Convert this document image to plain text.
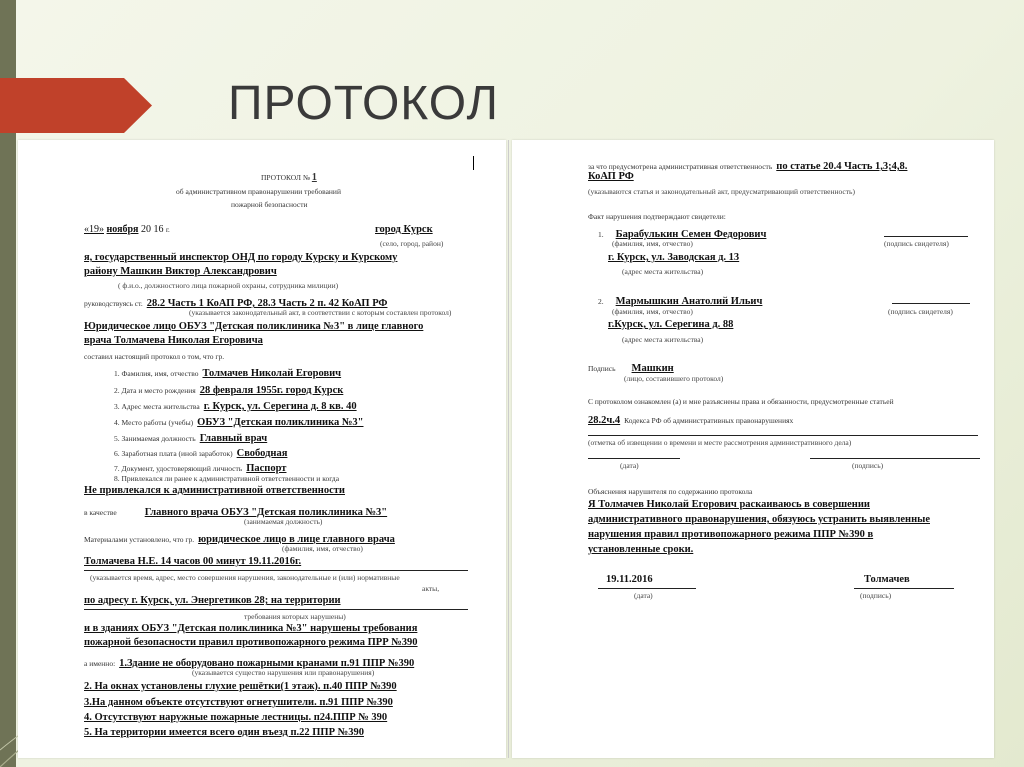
ПРОТОКОЛ
ПРОТОКОЛ № 1
об административном правонарушении требований
пожарной безопасности
«19» ноября 20 16 г.	город Курск
(село, город, район)
я, государственный инспектор ОНД по городу Курску и Курскому
району Машкин Виктор Александрович
( ф.и.о., должностного лица пожарной охраны, сотрудника милиции)
руководствуясь ст. 28.2 Часть 1 КоАП РФ, 28.3 Часть 2 п. 42 КоАП РФ
(указывается законодательный акт, в соответствии с которым составлен протокол)
Юридическое лицо ОБУЗ "Детская поликлиника №3" в лице главного
врача Толмачева Николая Егоровича
составил настоящий протокол о том, что гр.
1. Фамилия, имя, отчество Толмачев Николай Егорович
2. Дата и место рождения 28 февраля 1955г. город Курск
3. Адрес места жительства г. Курск, ул. Серегина д. 8 кв. 40
4. Место работы (учебы) ОБУЗ "Детская поликлиника №3"
5. Занимаемая должность Главный врач
6. Заработная плата (иной заработок) Свободная
7. Документ, удостоверяющий личность Паспорт
8. Привлекался ли ранее к административной ответственности и когда
Не привлекался к административной ответственности
в качестве	Главного врача ОБУЗ "Детская поликлиника №3"
(занимаемая должность)
Материалами установлено, что гр. юридическое лицо в лице главного врача
(фамилия, имя, отчество)
Толмачева Н.Е. 14 часов 00 минут 19.11.2016г.
(указывается время, адрес, место совершения нарушения, законодательные и (или) нормативные
акты,
по адресу г. Курск, ул. Энергетиков 28; на территории
требования которых нарушены)
и в зданиях ОБУЗ "Детская поликлиника №3" нарушены требования
пожарной безопасности правил противопожарного режима ПРР №390
а именно: 1.Здание не оборудовано пожарными кранами п.91 ППР №390
(указывается существо нарушения или правонарушения)
2. На окнах установлены глухие решётки(1 этаж). п.40 ППР №390
3.На данном объекте отсутствуют огнетушители. п.91 ППР №390
4. Отсутствуют наружные пожарные лестницы. п24.ППР № 390
5. На территории имеется всего один въезд п.22 ППР №390
за что предусмотрена административная ответственность по статье 20.4 Часть 1,3;4,8.
КоАП РФ
(указываются статья и законодательный акт, предусматривающий ответственность)
Факт нарушения подтверждают свидетели:
1. Барабулькин Семен Федорович
(фамилия, имя, отчество)	(подпись свидетеля)
г. Курск, ул. Заводская д. 13
(адрес места жительства)
2. Мармышкин Анатолий Ильич
(фамилия, имя, отчество)	(подпись свидетеля)
г.Курск, ул. Серегина д. 88
(адрес места жительства)
Подпись Машкин
(лицо, составившего протокол)
С протоколом ознакомлен (а) и мне разъяснены права и обязанности, предусмотренные статьей
28.2ч.4 Кодекса РФ об административных правонарушениях
(отметка об извещении о времени и месте рассмотрения административного дела)
(дата)	(подпись)
Объяснения нарушителя по содержанию протокола
Я Толмачев Николай Егорович раскаиваюсь в совершении
административного правонарушения, обязуюсь устранить выявленные
нарушения правил противопожарного режима ППР №390 в
установленные сроки.
19.11.2016	Толмачев
(дата)	(подпись)
